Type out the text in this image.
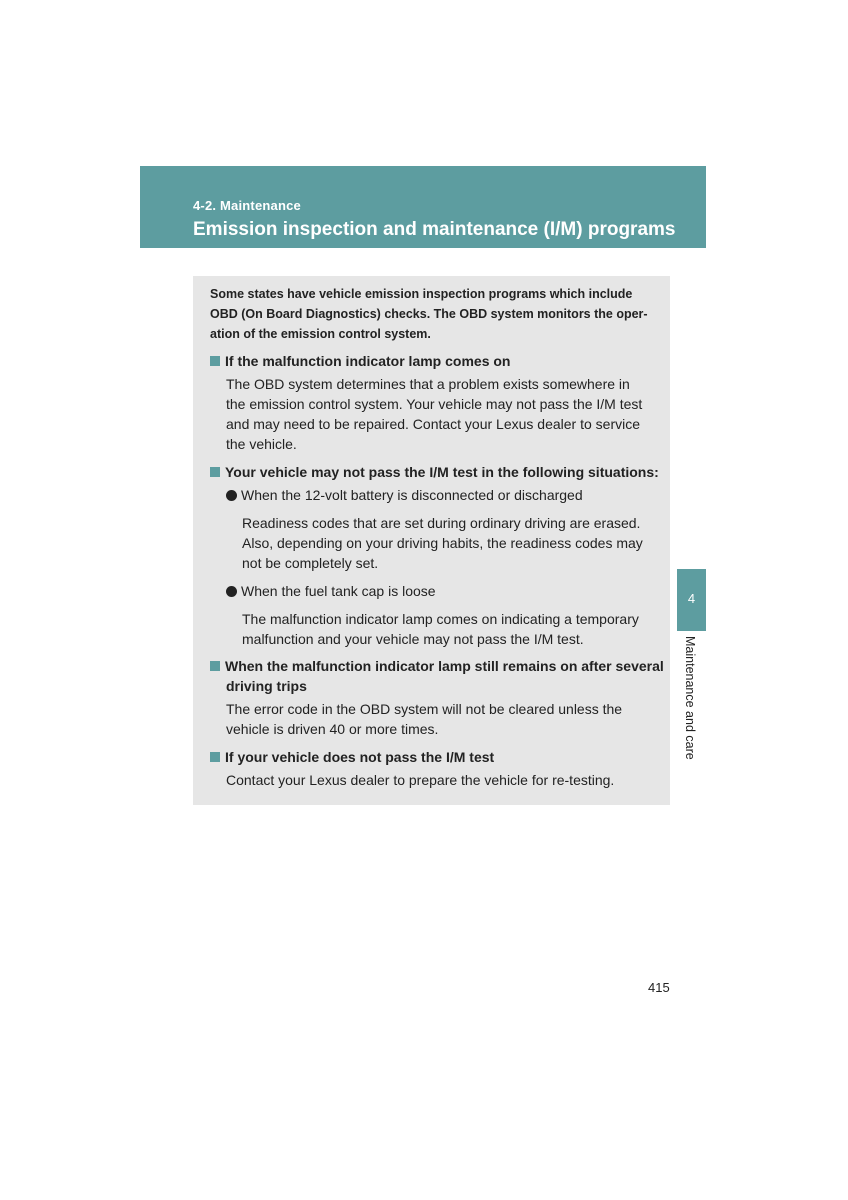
4-2. Maintenance
Emission inspection and maintenance (I/M) programs
Some states have vehicle emission inspection programs which include
OBD (On Board Diagnostics) checks. The OBD system monitors the oper-
ation of the emission control system.
If the malfunction indicator lamp comes on
The OBD system determines that a problem exists somewhere in
the emission control system. Your vehicle may not pass the I/M test
and may need to be repaired. Contact your Lexus dealer to service
the vehicle.
Your vehicle may not pass the I/M test in the following situations:
When the 12-volt battery is disconnected or discharged
Readiness codes that are set during ordinary driving are erased.
Also, depending on your driving habits, the readiness codes may
not be completely set.
When the fuel tank cap is loose
The malfunction indicator lamp comes on indicating a temporary
malfunction and your vehicle may not pass the I/M test.
When the malfunction indicator lamp still remains on after several
driving trips
The error code in the OBD system will not be cleared unless the
vehicle is driven 40 or more times.
If your vehicle does not pass the I/M test
Contact your Lexus dealer to prepare the vehicle for re-testing.
4
Maintenance and care
415
